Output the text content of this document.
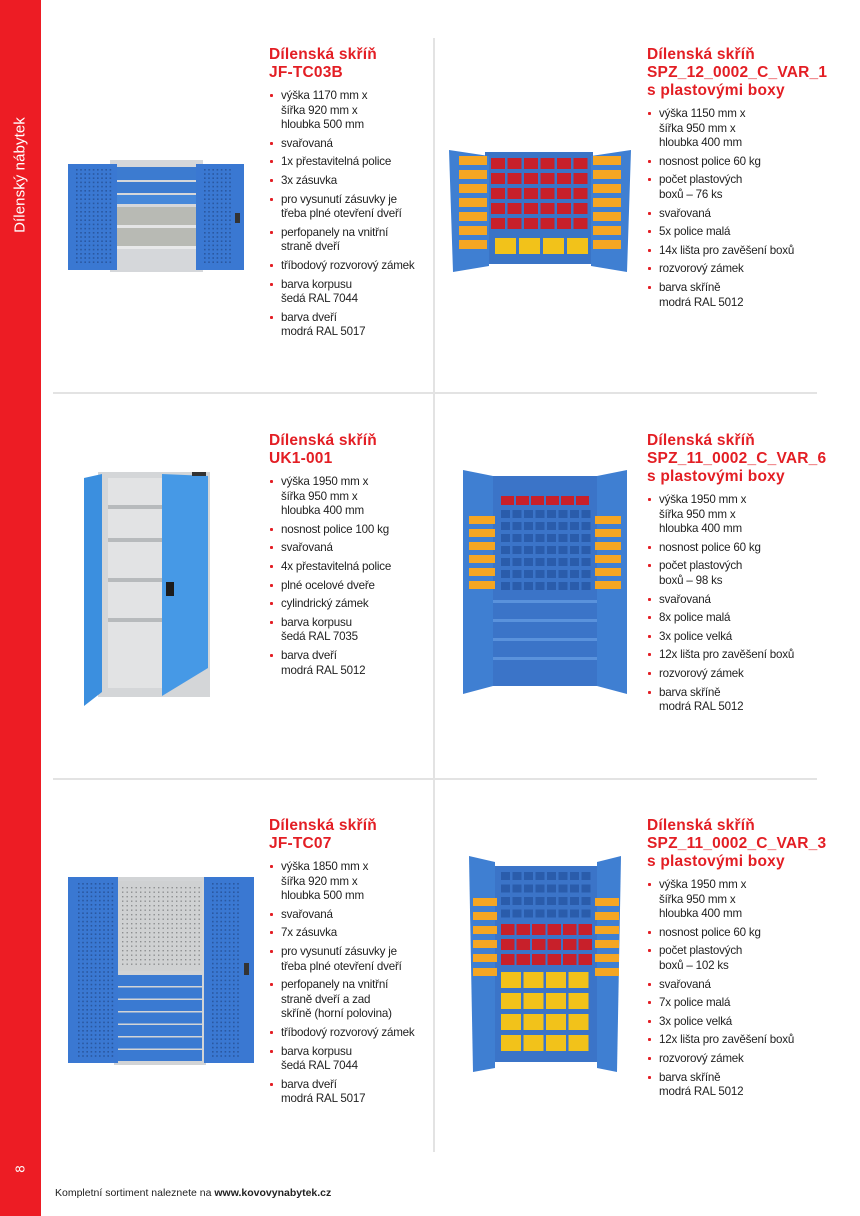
Dílenský nábytek
8
Dílenská skříň
JF-TC03B
výška 1170 mm x
šířka 920 mm x
hloubka 500 mm
svařovaná
1x přestavitelná police
3x zásuvka
pro vysunutí zásuvky je
třeba plné otevření dveří
perfopanely na vnitřní
straně dveří
tříbodový rozvorový zámek
barva korpusu
šedá RAL 7044
barva dveří
modrá RAL 5017
Dílenská skříň
SPZ_12_0002_C_VAR_1
s plastovými boxy
výška 1150 mm x
šířka 950 mm x
hloubka 400 mm
nosnost police 60 kg
počet plastových
boxů – 76 ks
svařovaná
5x police malá
14x lišta pro zavěšení boxů
rozvorový zámek
barva skříně
modrá RAL 5012
Dílenská skříň
UK1-001
výška 1950 mm x
šířka 950 mm x
hloubka 400 mm
nosnost police 100 kg
svařovaná
4x přestavitelná police
plné ocelové dveře
cylindrický zámek
barva korpusu
šedá RAL 7035
barva dveří
modrá RAL 5012
Dílenská skříň
SPZ_11_0002_C_VAR_6
s plastovými boxy
výška 1950 mm x
šířka 950 mm x
hloubka 400 mm
nosnost police 60 kg
počet plastových
boxů – 98 ks
svařovaná
8x police malá
3x police velká
12x lišta pro zavěšení boxů
rozvorový zámek
barva skříně
modrá RAL 5012
Dílenská skříň
JF-TC07
výška 1850 mm x
šířka 920 mm x
hloubka 500 mm
svařovaná
7x zásuvka
pro vysunutí zásuvky je
třeba plné otevření dveří
perfopanely na vnitřní
straně dveří a zad
skříně (horní polovina)
tříbodový rozvorový zámek
barva korpusu
šedá RAL 7044
barva dveří
modrá RAL 5017
Dílenská skříň
SPZ_11_0002_C_VAR_3
s plastovými boxy
výška 1950 mm x
šířka 950 mm x
hloubka 400 mm
nosnost police 60 kg
počet plastových
boxů – 102 ks
svařovaná
7x police malá
3x police velká
12x lišta pro zavěšení boxů
rozvorový zámek
barva skříně
modrá RAL 5012
Kompletní sortiment naleznete na www.kovovynabytek.cz
